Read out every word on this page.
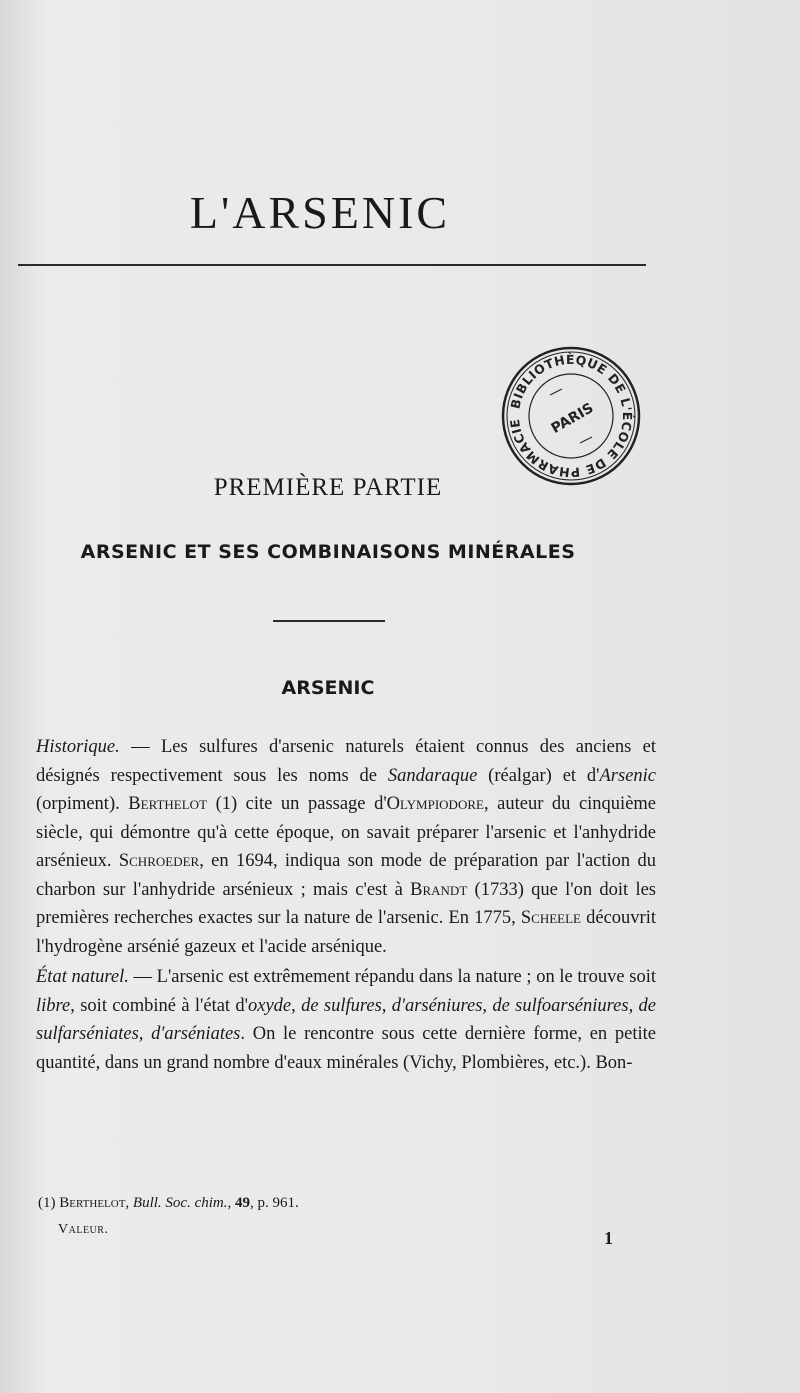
L'ARSENIC
BIBLIOTHÈQUE DE L'ÉCOLE DE PHARMACIE	PARIS
PREMIÈRE PARTIE
ARSENIC ET SES COMBINAISONS MINÉRALES
ARSENIC

Historique. — Les sulfures d'arsenic naturels étaient connus des anciens et désignés respectivement sous les noms de Sandaraque (réalgar) et d'Arsenic (orpiment). Berthelot (1) cite un passage d'Olympiodore, auteur du cinquième siècle, qui démontre qu'à cette époque, on savait préparer l'arsenic et l'anhydride arsénieux. Schroeder, en 1694, indiqua son mode de préparation par l'action du charbon sur l'anhydride arsénieux ; mais c'est à Brandt (1733) que l'on doit les premières recherches exactes sur la nature de l'arsenic. En 1775, Scheele découvrit l'hydrogène arsénié gazeux et l'acide arsénique.

État naturel. — L'arsenic est extrêmement répandu dans la nature ; on le trouve soit libre, soit combiné à l'état d'oxyde, de sulfures, d'arséniures, de sulfoarséniures, de sulfarséniates, d'arséniates. On le rencontre sous cette dernière forme, en petite quantité, dans un grand nombre d'eaux minérales (Vichy, Plombières, etc.). Bon-

(1) Berthelot, Bull. Soc. chim., 49, p. 961.
Valeur.	1
